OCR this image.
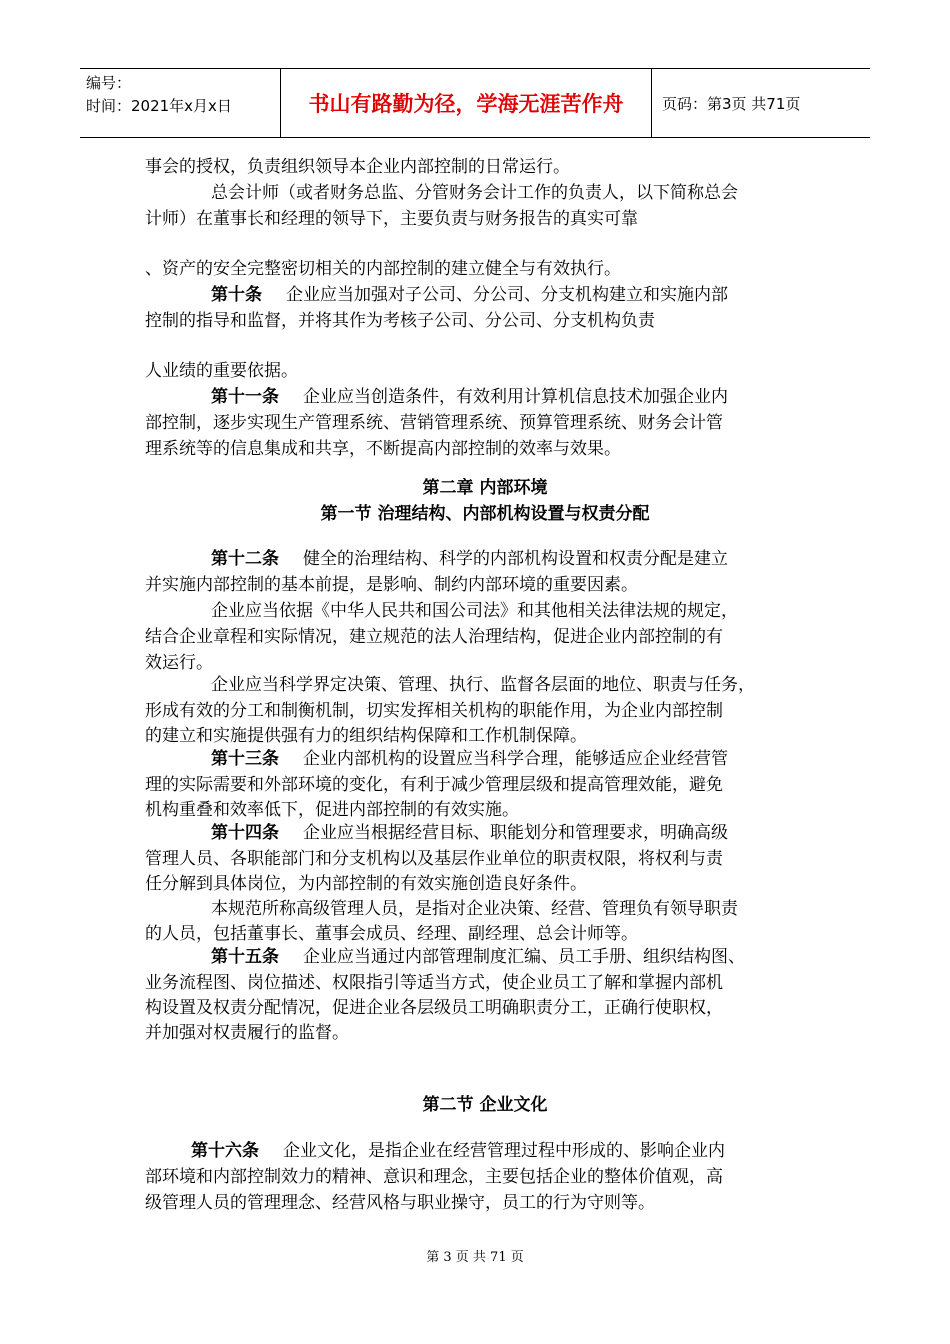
编号：
时间：2021年x月x日	书山有路勤为径，学海无涯苦作舟	页码：第3页 共71页
事会的授权，负责组织领导本企业内部控制的日常运行。
总会计师（或者财务总监、分管财务会计工作的负责人，以下简称总会
计师）在董事长和经理的领导下，主要负责与财务报告的真实可靠
、资产的安全完整密切相关的内部控制的建立健全与有效执行。
第十条 企业应当加强对子公司、分公司、分支机构建立和实施内部
控制的指导和监督，并将其作为考核子公司、分公司、分支机构负责
人业绩的重要依据。
第十一条 企业应当创造条件，有效利用计算机信息技术加强企业内
部控制，逐步实现生产管理系统、营销管理系统、预算管理系统、财务会计管
理系统等的信息集成和共享，不断提高内部控制的效率与效果。
第二章 内部环境
第一节 治理结构、内部机构设置与权责分配
第十二条 健全的治理结构、科学的内部机构设置和权责分配是建立
并实施内部控制的基本前提，是影响、制约内部环境的重要因素。
企业应当依据《中华人民共和国公司法》和其他相关法律法规的规定，
结合企业章程和实际情况，建立规范的法人治理结构，促进企业内部控制的有
效运行。
企业应当科学界定决策、管理、执行、监督各层面的地位、职责与任务，
形成有效的分工和制衡机制，切实发挥相关机构的职能作用，为企业内部控制
的建立和实施提供强有力的组织结构保障和工作机制保障。
第十三条 企业内部机构的设置应当科学合理，能够适应企业经营管
理的实际需要和外部环境的变化，有利于减少管理层级和提高管理效能，避免
机构重叠和效率低下，促进内部控制的有效实施。
第十四条 企业应当根据经营目标、职能划分和管理要求，明确高级
管理人员、各职能部门和分支机构以及基层作业单位的职责权限，将权利与责
任分解到具体岗位，为内部控制的有效实施创造良好条件。
本规范所称高级管理人员，是指对企业决策、经营、管理负有领导职责
的人员，包括董事长、董事会成员、经理、副经理、总会计师等。
第十五条 企业应当通过内部管理制度汇编、员工手册、组织结构图、
业务流程图、岗位描述、权限指引等适当方式，使企业员工了解和掌握内部机
构设置及权责分配情况，促进企业各层级员工明确职责分工，正确行使职权，
并加强对权责履行的监督。
第二节 企业文化
第十六条 企业文化，是指企业在经营管理过程中形成的、影响企业内
部环境和内部控制效力的精神、意识和理念，主要包括企业的整体价值观，高
级管理人员的管理理念、经营风格与职业操守，员工的行为守则等。
第 3 页 共 71 页
